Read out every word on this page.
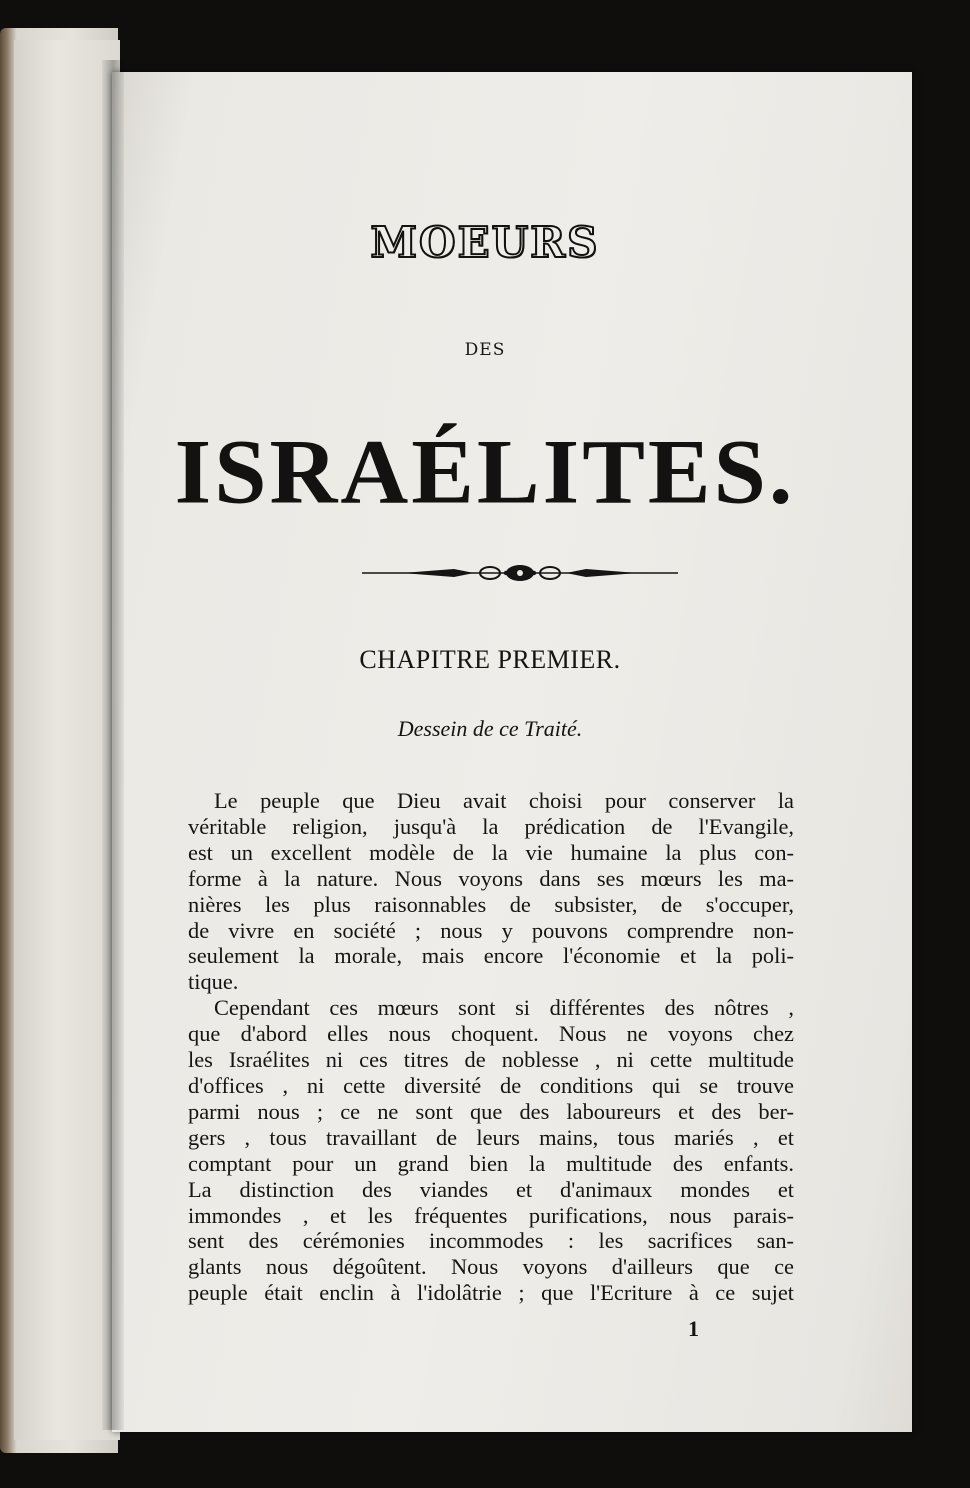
MOEURS
DES
ISRAÉLITES.
CHAPITRE PREMIER.
Dessein de ce Traité.
Le peuple que Dieu avait choisi pour conserver la
véritable religion, jusqu'à la prédication de l'Evangile,
est un excellent modèle de la vie humaine la plus con-
forme à la nature. Nous voyons dans ses mœurs les ma-
nières les plus raisonnables de subsister, de s'occuper,
de vivre en société ; nous y pouvons comprendre non-
seulement la morale, mais encore l'économie et la poli-
tique.
Cependant ces mœurs sont si différentes des nôtres ,
que d'abord elles nous choquent. Nous ne voyons chez
les Israélites ni ces titres de noblesse , ni cette multitude
d'offices , ni cette diversité de conditions qui se trouve
parmi nous ; ce ne sont que des laboureurs et des ber-
gers , tous travaillant de leurs mains, tous mariés , et
comptant pour un grand bien la multitude des enfants.
La distinction des viandes et d'animaux mondes et
immondes , et les fréquentes purifications, nous parais-
sent des cérémonies incommodes : les sacrifices san-
glants nous dégoûtent. Nous voyons d'ailleurs que ce
peuple était enclin à l'idolâtrie ; que l'Ecriture à ce sujet
1
